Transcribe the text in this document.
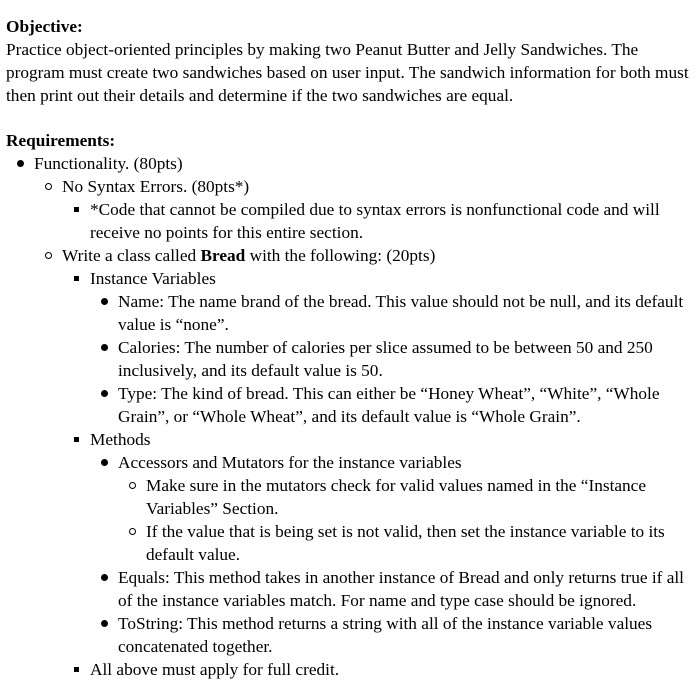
Objective:

Practice object-oriented principles by making two Peanut Butter and Jelly Sandwiches. The program must create two sandwiches based on user input. The sandwich information for both must then print out their details and determine if the two sandwiches are equal.

Requirements:

Functionality. (80pts)
No Syntax Errors. (80pts*)
*Code that cannot be compiled due to syntax errors is nonfunctional code and will receive no points for this entire section.
Write a class called Bread with the following: (20pts)
Instance Variables
Name: The name brand of the bread. This value should not be null, and its default value is “none”.
Calories: The number of calories per slice assumed to be between 50 and 250 inclusively, and its default value is 50.
Type: The kind of bread. This can either be “Honey Wheat”, “White”, “Whole Grain”, or “Whole Wheat”, and its default value is “Whole Grain”.
Methods
Accessors and Mutators for the instance variables
Make sure in the mutators check for valid values named in the “Instance Variables” Section.
If the value that is being set is not valid, then set the instance variable to its default value.
Equals: This method takes in another instance of Bread and only returns true if all of the instance variables match. For name and type case should be ignored.
ToString: This method returns a string with all of the instance variable values concatenated together.
All above must apply for full credit.
